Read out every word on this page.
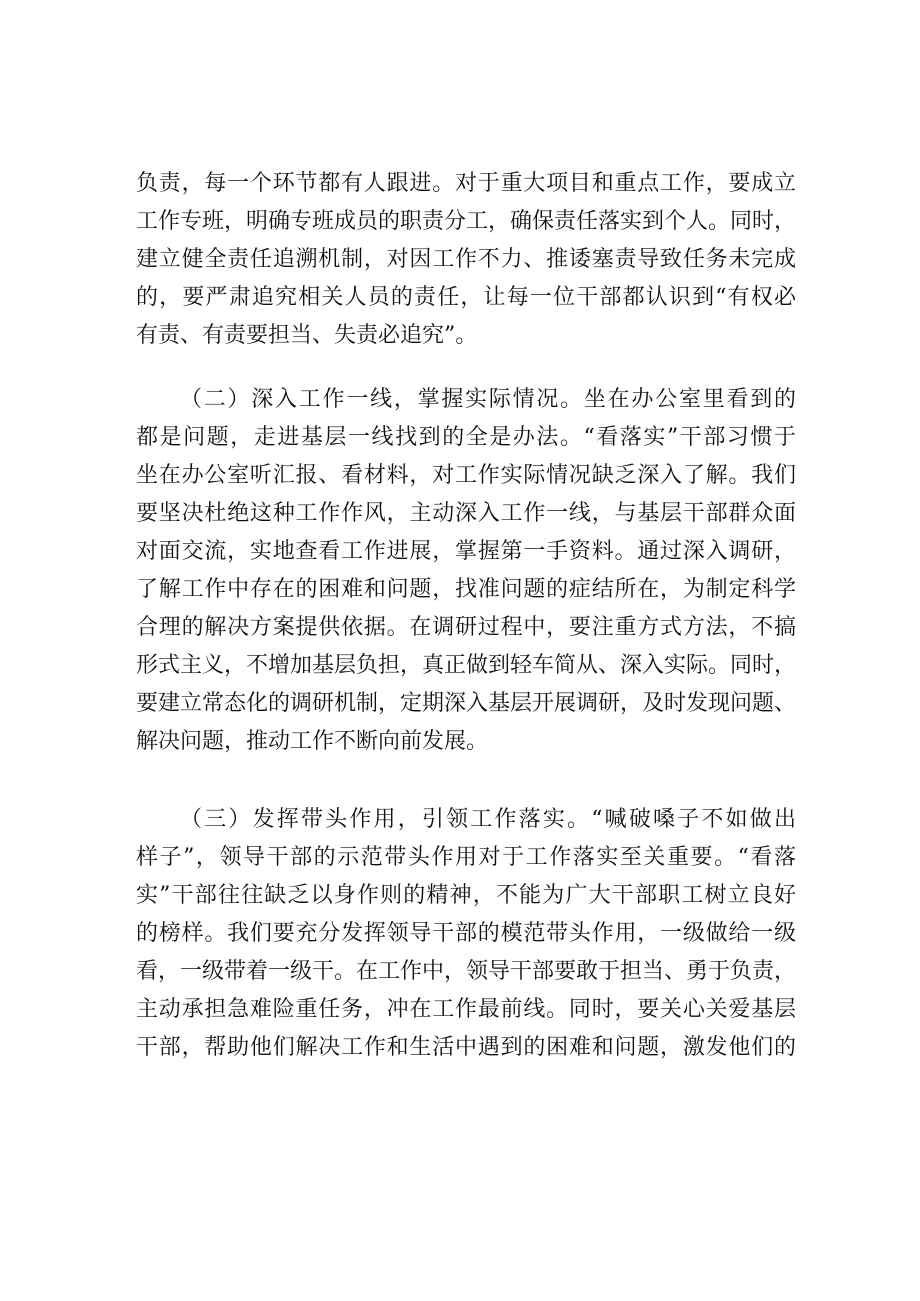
负责，每一个环节都有人跟进。对于重大项目和重点工作，要成立
工作专班，明确专班成员的职责分工，确保责任落实到个人。同时，
建立健全责任追溯机制，对因工作不力、推诿塞责导致任务未完成
的，要严肃追究相关人员的责任，让每一位干部都认识到“有权必
有责、有责要担当、失责必追究”。
（二）深入工作一线，掌握实际情况。坐在办公室里看到的
都是问题，走进基层一线找到的全是办法。“看落实”干部习惯于
坐在办公室听汇报、看材料，对工作实际情况缺乏深入了解。我们
要坚决杜绝这种工作作风，主动深入工作一线，与基层干部群众面
对面交流，实地查看工作进展，掌握第一手资料。通过深入调研，
了解工作中存在的困难和问题，找准问题的症结所在，为制定科学
合理的解决方案提供依据。在调研过程中，要注重方式方法，不搞
形式主义，不增加基层负担，真正做到轻车简从、深入实际。同时，
要建立常态化的调研机制，定期深入基层开展调研，及时发现问题、
解决问题，推动工作不断向前发展。
（三）发挥带头作用，引领工作落实。“喊破嗓子不如做出
样子”，领导干部的示范带头作用对于工作落实至关重要。“看落
实”干部往往缺乏以身作则的精神，不能为广大干部职工树立良好
的榜样。我们要充分发挥领导干部的模范带头作用，一级做给一级
看，一级带着一级干。在工作中，领导干部要敢于担当、勇于负责，
主动承担急难险重任务，冲在工作最前线。同时，要关心关爱基层
干部，帮助他们解决工作和生活中遇到的困难和问题，激发他们的
